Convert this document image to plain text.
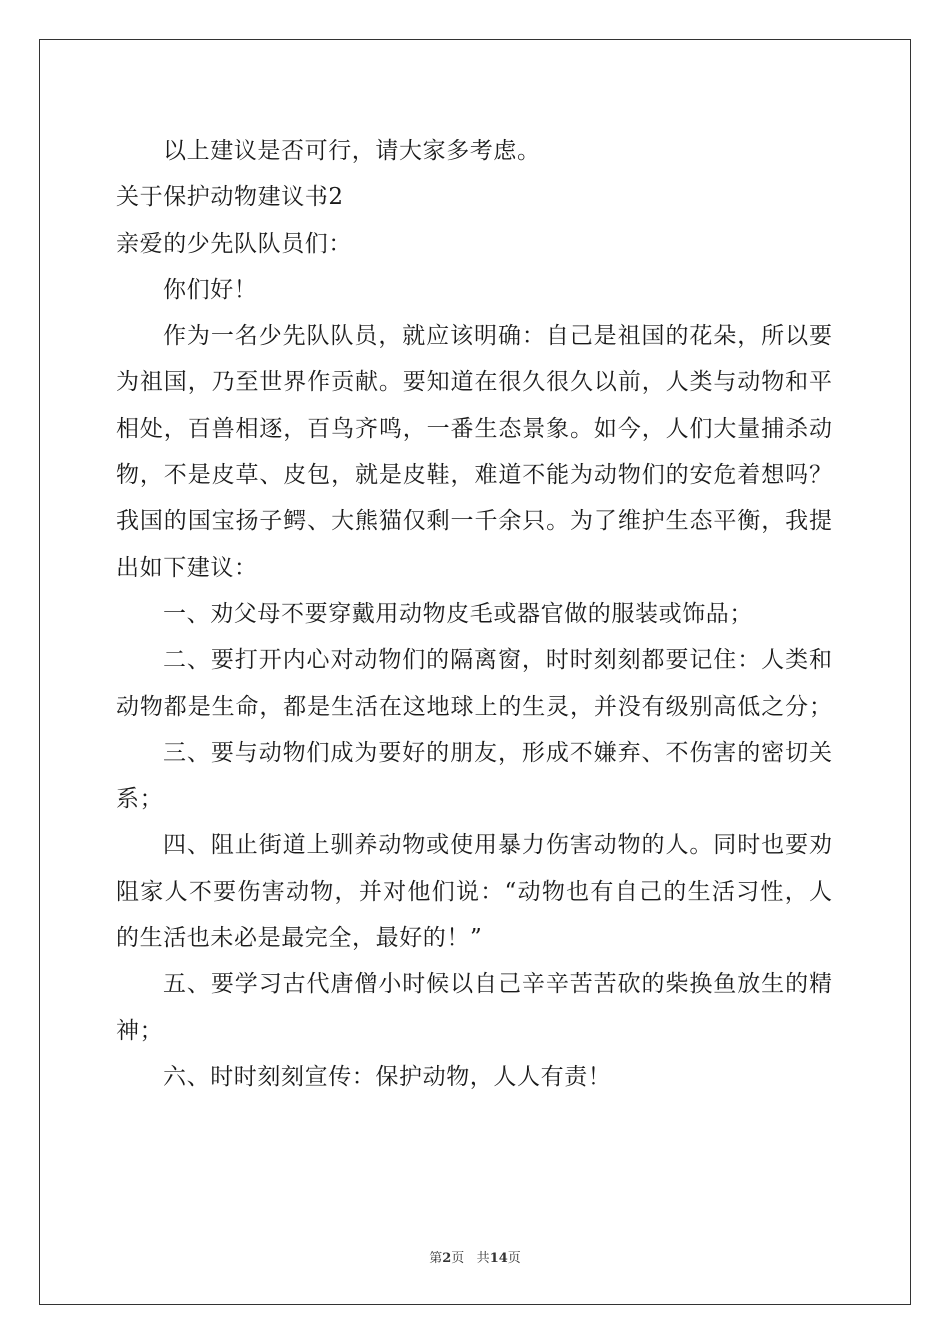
以上建议是否可行，请大家多考虑。
关于保护动物建议书2
亲爱的少先队队员们：
你们好！
作为一名少先队队员，就应该明确：自己是祖国的花朵，所以要
为祖国，乃至世界作贡献。要知道在很久很久以前，人类与动物和平
相处，百兽相逐，百鸟齐鸣，一番生态景象。如今，人们大量捕杀动
物，不是皮草、皮包，就是皮鞋，难道不能为动物们的安危着想吗？
我国的国宝扬子鳄、大熊猫仅剩一千余只。为了维护生态平衡，我提
出如下建议：
一、劝父母不要穿戴用动物皮毛或器官做的服装或饰品；
二、要打开内心对动物们的隔离窗，时时刻刻都要记住：人类和
动物都是生命，都是生活在这地球上的生灵，并没有级别高低之分；
三、要与动物们成为要好的朋友，形成不嫌弃、不伤害的密切关
系；
四、阻止街道上驯养动物或使用暴力伤害动物的人。同时也要劝
阻家人不要伤害动物，并对他们说：“动物也有自己的生活习性，人
的生活也未必是最完全，最好的！”
五、要学习古代唐僧小时候以自己辛辛苦苦砍的柴换鱼放生的精
神；
六、时时刻刻宣传：保护动物，人人有责！
第2页 共14页
